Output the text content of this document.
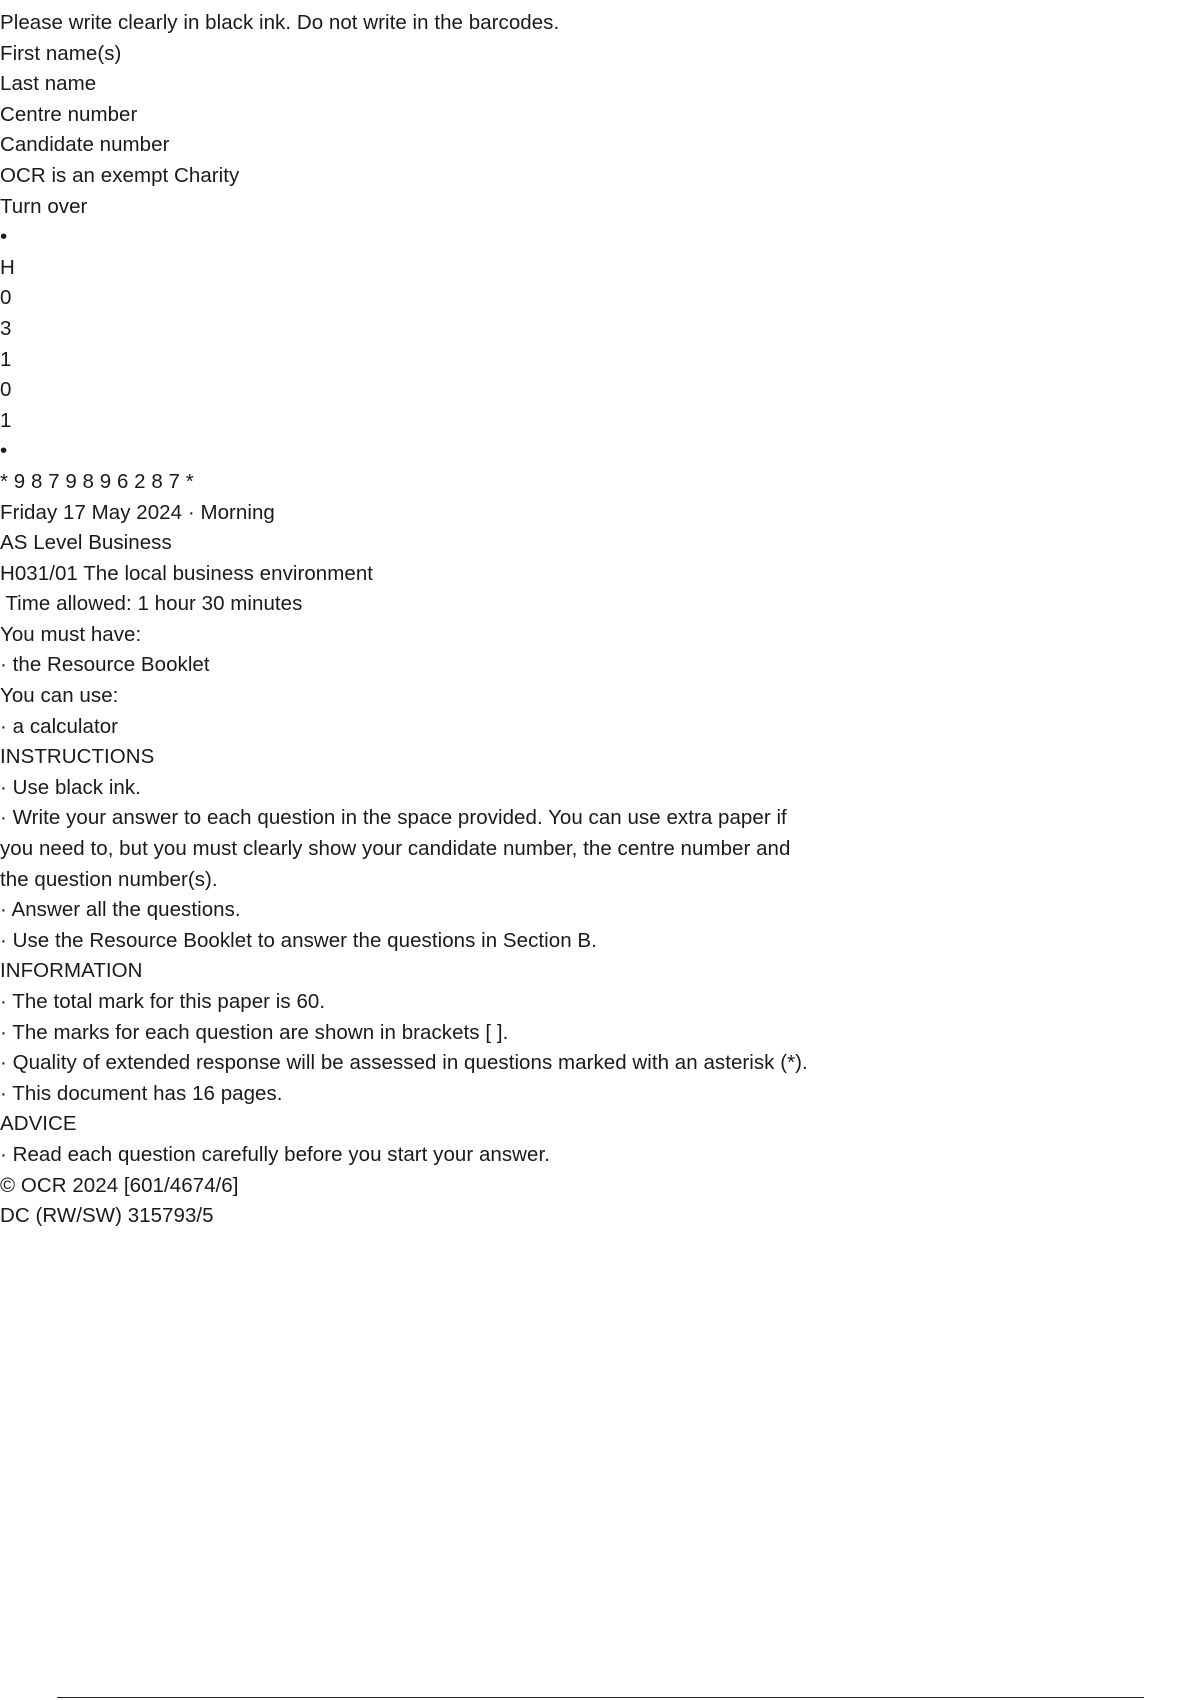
Please write clearly in black ink. Do not write in the barcodes.
First name(s)
Last name
Centre number
Candidate number
OCR is an exempt Charity
Turn over
•
H
0
3
1
0
1
•
* 9 8 7 9 8 9 6 2 8 7 *
Friday 17 May 2024 · Morning
AS Level Business
H031/01 The local business environment
Time allowed: 1 hour 30 minutes
You must have:
· the Resource Booklet
You can use:
· a calculator
INSTRUCTIONS
· Use black ink.
· Write your answer to each question in the space provided. You can use extra paper if
you need to, but you must clearly show your candidate number, the centre number and
the question number(s).
· Answer all the questions.
· Use the Resource Booklet to answer the questions in Section B.
INFORMATION
· The total mark for this paper is 60.
· The marks for each question are shown in brackets [ ].
· Quality of extended response will be assessed in questions marked with an asterisk (*).
· This document has 16 pages.
ADVICE
· Read each question carefully before you start your answer.
© OCR 2024 [601/4674/6]
DC (RW/SW) 315793/5
